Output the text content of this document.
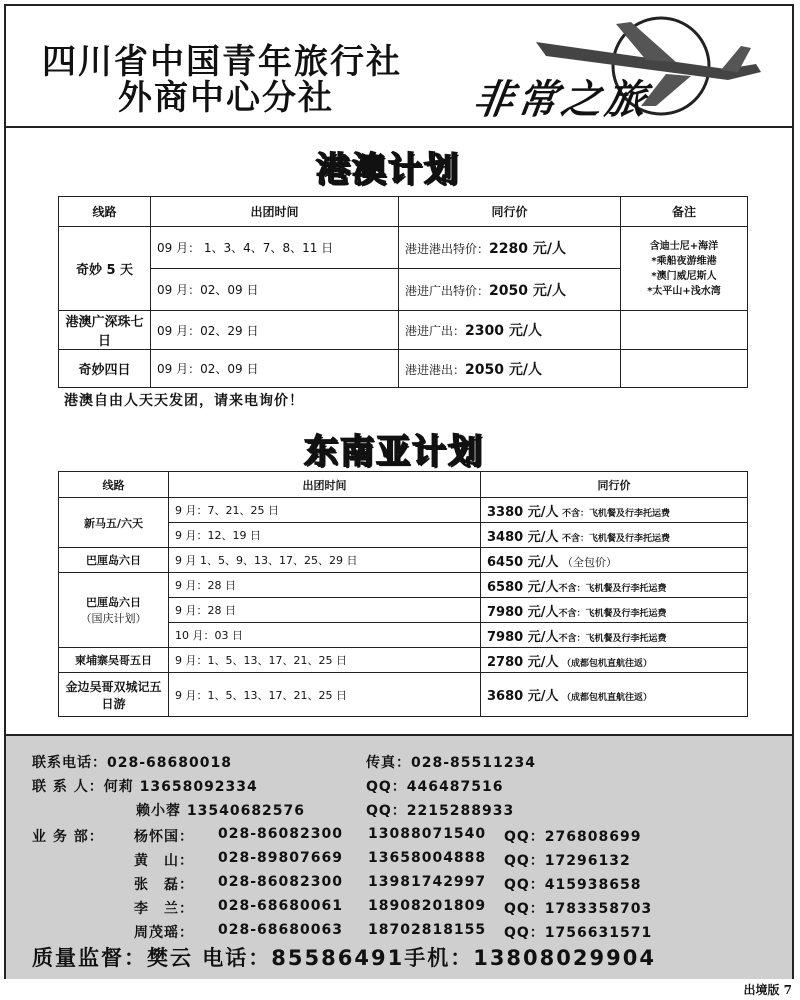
四川省中国青年旅行社
外商中心分社	非常之旅
港澳计划
线路	出团时间	同行价	备注
奇妙 5 天	09 月： 1、3、4、7、8、11 日	港进港出特价：2280 元/人	含迪士尼+海洋
*乘船夜游维港
*澳门威尼斯人
*太平山+浅水湾

	09 月：02、09 日	港进广出特价：2050 元/人	
港澳广深珠七日	09 月：02、29 日	港进广出：2300 元/人	
奇妙四日	09 月：02、09 日	港进港出：2050 元/人	
港澳自由人天天发团，请来电询价！
东南亚计划
线路	出团时间	同行价
新马五/六天	9 月：7、21、25 日	3380 元/人 不含：飞机餐及行李托运费
	9 月：12、19 日	3480 元/人 不含：飞机餐及行李托运费
巴厘岛六日	9 月 1、5、9、13、17、25、29 日	6450 元/人 （全包价）

巴厘岛六日
（国庆计划）	9 月：28 日	6580 元/人不含：飞机餐及行李托运费
	9 月：28 日	7980 元/人不含：飞机餐及行李托运费
	10 月：03 日	7980 元/人不含：飞机餐及行李托运费
柬埔寨吴哥五日	9 月：1、5、13、17、21、25 日	2780 元/人 （成都包机直航往返）
金边吴哥双城记五日游	9 月：1、5、13、17、21、25 日	3680 元/人 （成都包机直航往返）
联系电话：028-68680018	传真：028-85511234
联 系 人：何莉 13658092334	QQ：446487516
赖小蓉 13540682576	QQ：2215288933
业 务 部： 杨怀国： 028-86082300 13088071540 QQ：276808699
黄　山： 028-89807669 13658004888 QQ：17296132
张　磊： 028-86082300 13981742997 QQ：415938658
李　兰： 028-68680061 18908201809 QQ：1783358703
周茂瑶： 028-68680063 18702818155 QQ：1756631571
质量监督：樊云 电话：85586491手机：13808029904
出境版 7
